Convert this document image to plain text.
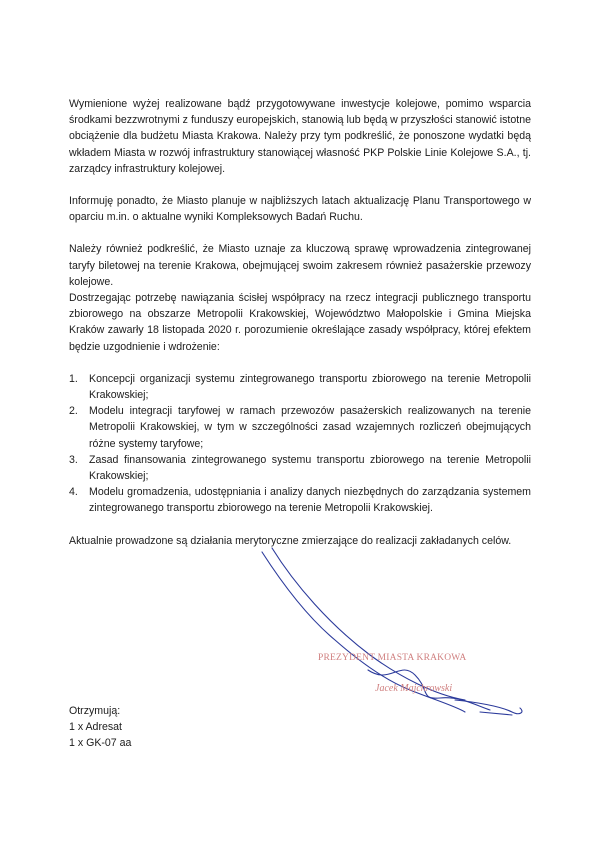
Wymienione wyżej realizowane bądź przygotowywane inwestycje kolejowe, pomimo wsparcia środkami bezzwrotnymi z funduszy europejskich, stanowią lub będą w przyszłości stanowić istotne obciążenie dla budżetu Miasta Krakowa. Należy przy tym podkreślić, że ponoszone wydatki będą wkładem Miasta w rozwój infrastruktury stanowiącej własność PKP Polskie Linie Kolejowe S.A., tj. zarządcy infrastruktury kolejowej.

Informuję ponadto, że Miasto planuje w najbliższych latach aktualizację Planu Transportowego w oparciu m.in. o aktualne wyniki Kompleksowych Badań Ruchu.

Należy również podkreślić, że Miasto uznaje za kluczową sprawę wprowadzenia zintegrowanej taryfy biletowej na terenie Krakowa, obejmującej swoim zakresem również pasażerskie przewozy kolejowe.

Dostrzegając potrzebę nawiązania ścisłej współpracy na rzecz integracji publicznego transportu zbiorowego na obszarze Metropolii Krakowskiej, Województwo Małopolskie i Gmina Miejska Kraków zawarły 18 listopada 2020 r. porozumienie określające zasady współpracy, której efektem będzie uzgodnienie i wdrożenie:

1. Koncepcji organizacji systemu zintegrowanego transportu zbiorowego na terenie Metropolii Krakowskiej;
2. Modelu integracji taryfowej w ramach przewozów pasażerskich realizowanych na terenie Metropolii Krakowskiej, w tym w szczególności zasad wzajemnych rozliczeń obejmujących różne systemy taryfowe;
3. Zasad finansowania zintegrowanego systemu transportu zbiorowego na terenie Metropolii Krakowskiej;
4. Modelu gromadzenia, udostępniania i analizy danych niezbędnych do zarządzania systemem zintegrowanego transportu zbiorowego na terenie Metropolii Krakowskiej.

Aktualnie prowadzone są działania merytoryczne zmierzające do realizacji zakładanych celów.

PREZYDENT MIASTA KRAKOWA
Jacek Majchrowski
Otrzymują:
1 x Adresat
1 x GK-07 aa
